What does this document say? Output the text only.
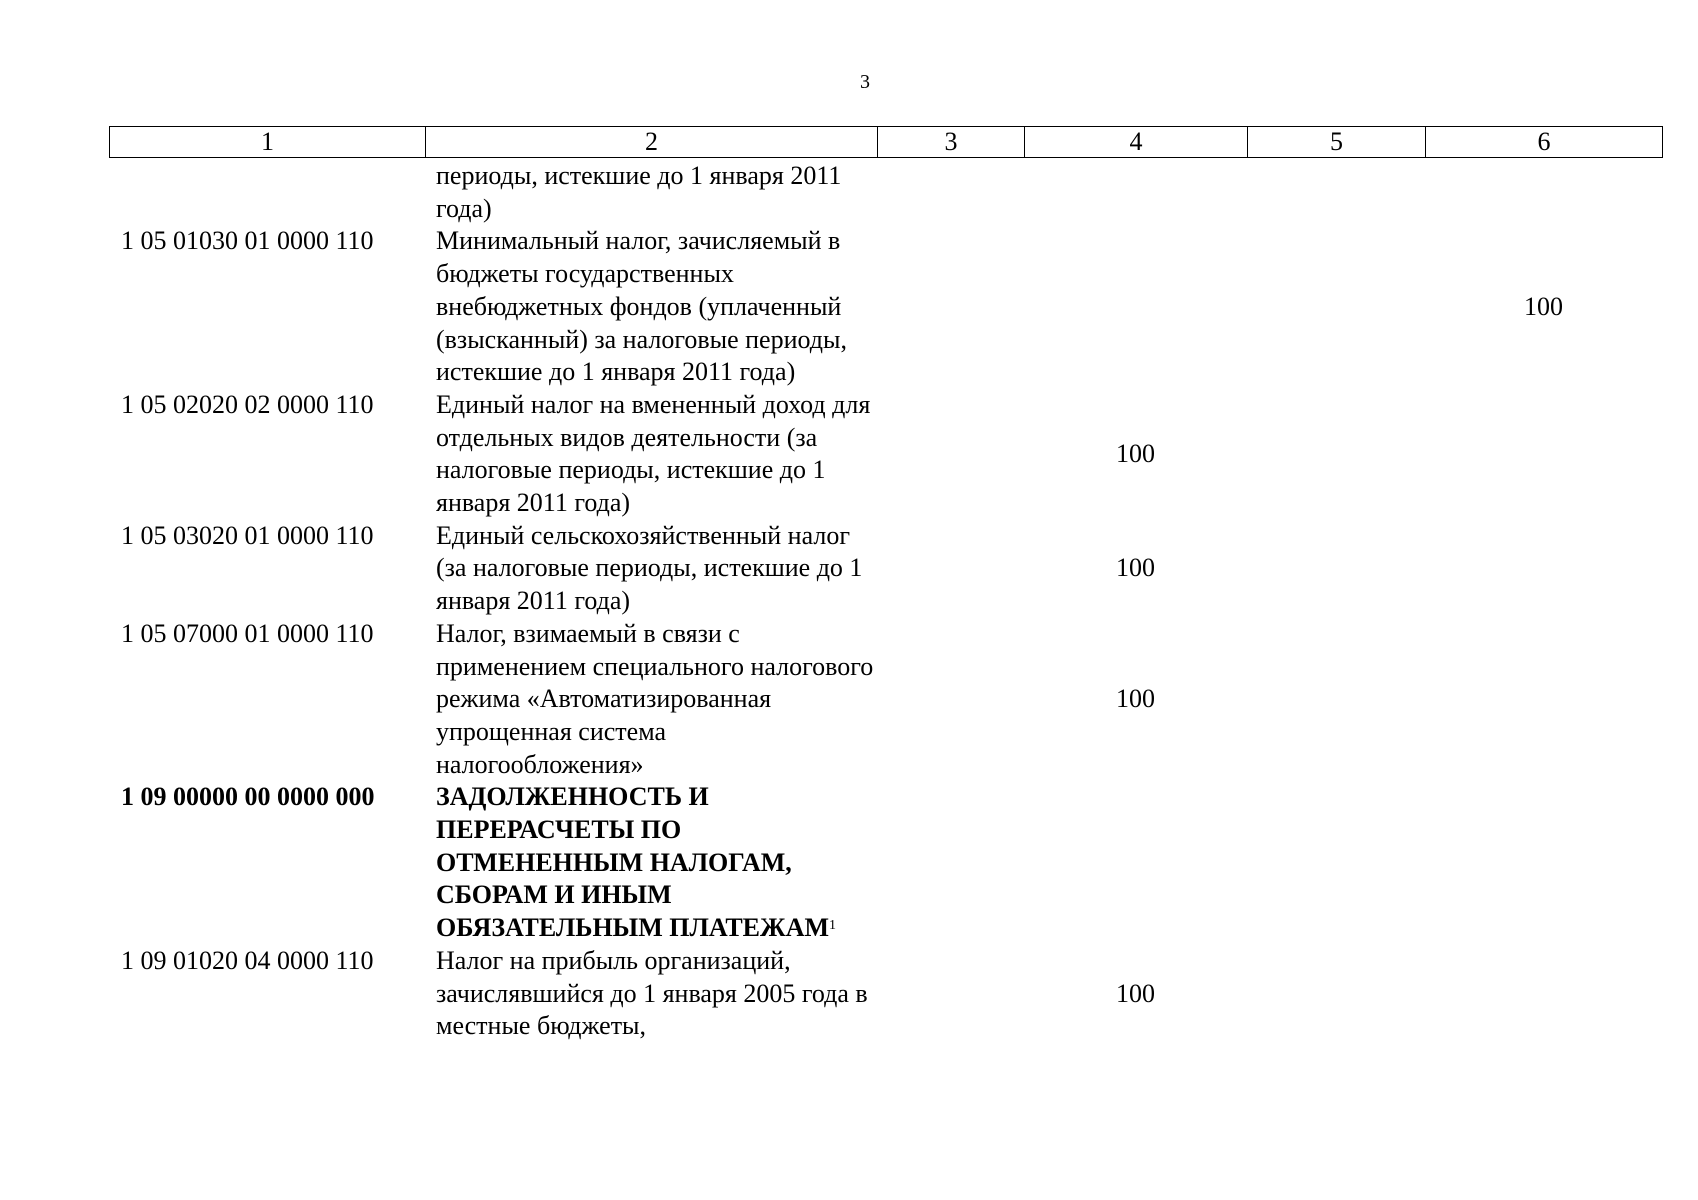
3
1	2	3	4	5	6
	периоды, истекшие до 1 января 2011 года)				
1 05 01030 01 0000 110	Минимальный налог, зачисляемый в бюджеты государственных внебюджетных фондов (уплаченный (взысканный) за налоговые периоды, истекшие до 1 января 2011 года)				100
1 05 02020 02 0000 110	Единый налог на вмененный доход для отдельных видов деятельности (за налоговые периоды, истекшие до 1 января 2011 года)		100		
1 05 03020 01 0000 110	Единый сельскохозяйственный налог (за налоговые периоды, истекшие до 1 января 2011 года)		100		
1 05 07000 01 0000 110	Налог, взимаемый в связи с применением специального налогового режима «Автоматизированная упрощенная система налогообложения»		100		
1 09 00000 00 0000 000	ЗАДОЛЖЕННОСТЬ И ПЕРЕРАСЧЕТЫ ПО ОТМЕНЕННЫМ НАЛОГАМ, СБОРАМ И ИНЫМ ОБЯЗАТЕЛЬНЫМ ПЛАТЕЖАМ$^1$				
1 09 01020 04 0000 110	Налог на прибыль организаций, зачислявшийся до 1 января 2005 года в местные бюджеты,		100		
